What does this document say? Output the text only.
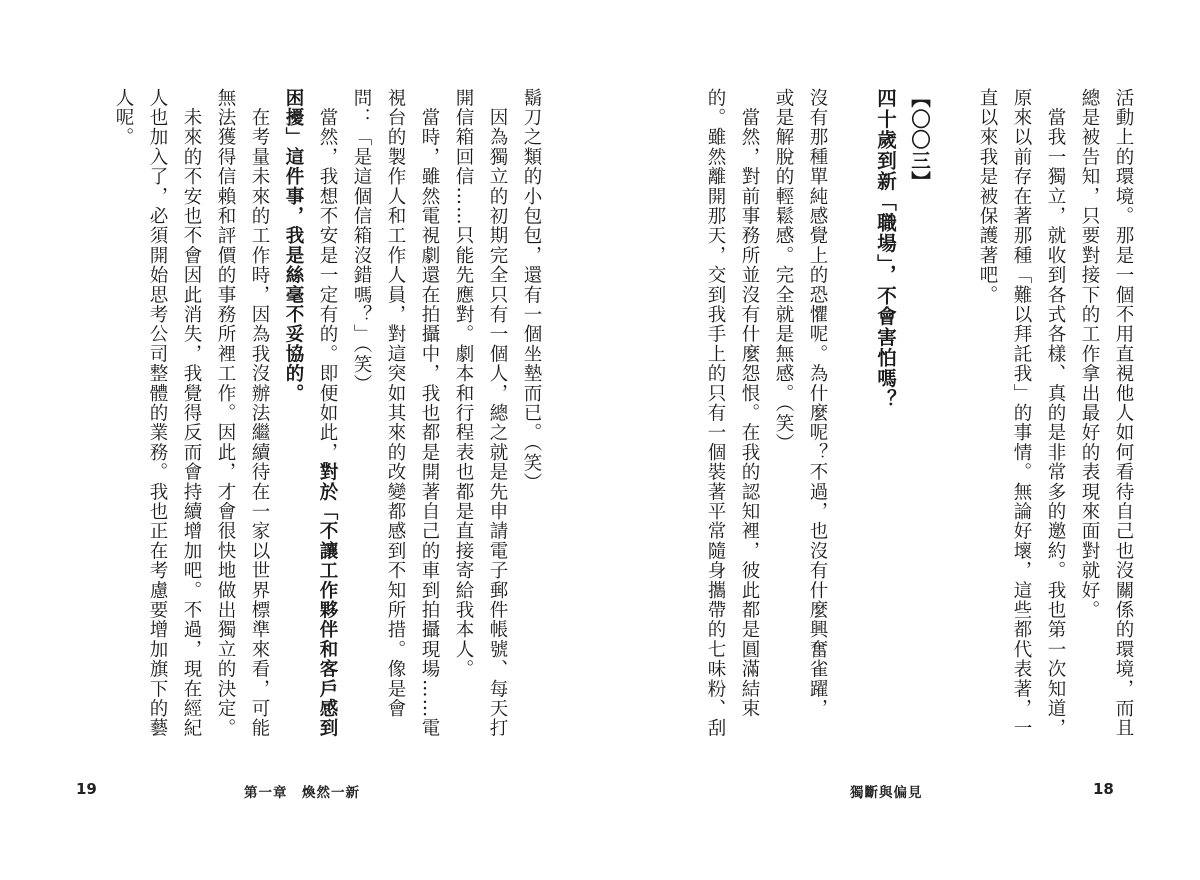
鬍刀之類的小包包，還有一個坐墊而已。（笑）
　因為獨立的初期完全只有一個人，總之就是先申請電子郵件帳號、每天打
開信箱回信……只能先應對。劇本和行程表也都是直接寄給我本人。
　當時，雖然電視劇還在拍攝中，我也都是開著自己的車到拍攝現場……電
視台的製作人和工作人員，對這突如其來的改變都感到不知所措。像是會
問：「是這個信箱沒錯嗎？」（笑）
　當然，我想不安是一定有的。即便如此，對於「不讓工作夥伴和客戶感到
困擾」這件事，我是絲毫不妥協的。
　在考量未來的工作時，因為我沒辦法繼續待在一家以世界標準來看，可能
無法獲得信賴和評價的事務所裡工作。因此，才會很快地做出獨立的決定。
　未來的不安也不會因此消失，我覺得反而會持續增加吧。不過，現在經紀
人也加入了，必須開始思考公司整體的業務。我也正在考慮要增加旗下的藝
人呢。
19	第一章　煥然一新
活動上的環境。那是一個不用直視他人如何看待自己也沒關係的環境，而且
總是被告知，只要對接下的工作拿出最好的表現來面對就好。
　當我一獨立，就收到各式各樣、真的是非常多的邀約。我也第一次知道，
原來以前存在著那種「難以拜託我」的事情。無論好壞，這些都代表著，一
直以來我是被保護著吧。
【〇〇三】
四十歲到新「職場」，不會害怕嗎？
沒有那種單純感覺上的恐懼呢。為什麼呢？不過，也沒有什麼興奮雀躍，
或是解脫的輕鬆感。完全就是無感。（笑）
　當然，對前事務所並沒有什麼怨恨。在我的認知裡，彼此都是圓滿結束
的。雖然離開那天，交到我手上的只有一個裝著平常隨身攜帶的七味粉、刮
獨斷與偏見	18
